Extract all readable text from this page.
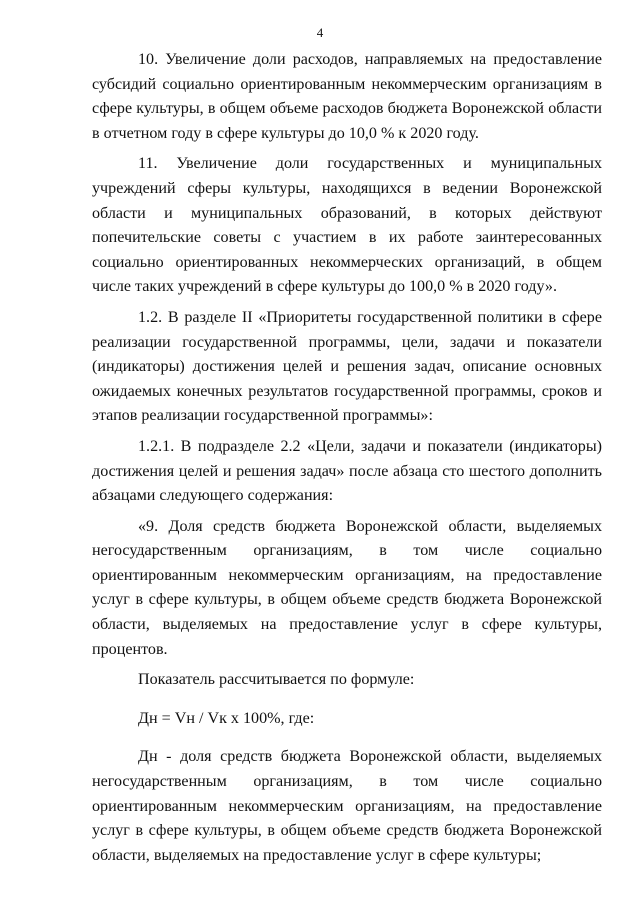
4

10. Увеличение доли расходов, направляемых на предоставление субсидий социально ориентированным некоммерческим организациям в сфере культуры, в общем объеме расходов бюджета Воронежской области в отчетном году в сфере культуры до 10,0 % к 2020 году.

11. Увеличение доли государственных и муниципальных учреждений сферы культуры, находящихся в ведении Воронежской области и муниципальных образований, в которых действуют попечительские советы с участием в их работе заинтересованных социально ориентированных некоммерческих организаций, в общем числе таких учреждений в сфере культуры до 100,0 % в 2020 году».

1.2. В разделе II «Приоритеты государственной политики в сфере реализации государственной программы, цели, задачи и показатели (индикаторы) достижения целей и решения задач, описание основных ожидаемых конечных результатов государственной программы, сроков и этапов реализации государственной программы»:

1.2.1. В подразделе 2.2 «Цели, задачи и показатели (индикаторы) достижения целей и решения задач» после абзаца сто шестого дополнить абзацами следующего содержания:

«9. Доля средств бюджета Воронежской области, выделяемых негосударственным организациям, в том числе социально ориентированным некоммерческим организациям, на предоставление услуг в сфере культуры, в общем объеме средств бюджета Воронежской области, выделяемых на предоставление услуг в сфере культуры, процентов.

Показатель рассчитывается по формуле:

Дн = Vн / Vк х 100%, где:

Дн - доля средств бюджета Воронежской области, выделяемых негосударственным организациям, в том числе социально ориентированным некоммерческим организациям, на предоставление услуг в сфере культуры, в общем объеме средств бюджета Воронежской области, выделяемых на предоставление услуг в сфере культуры;
